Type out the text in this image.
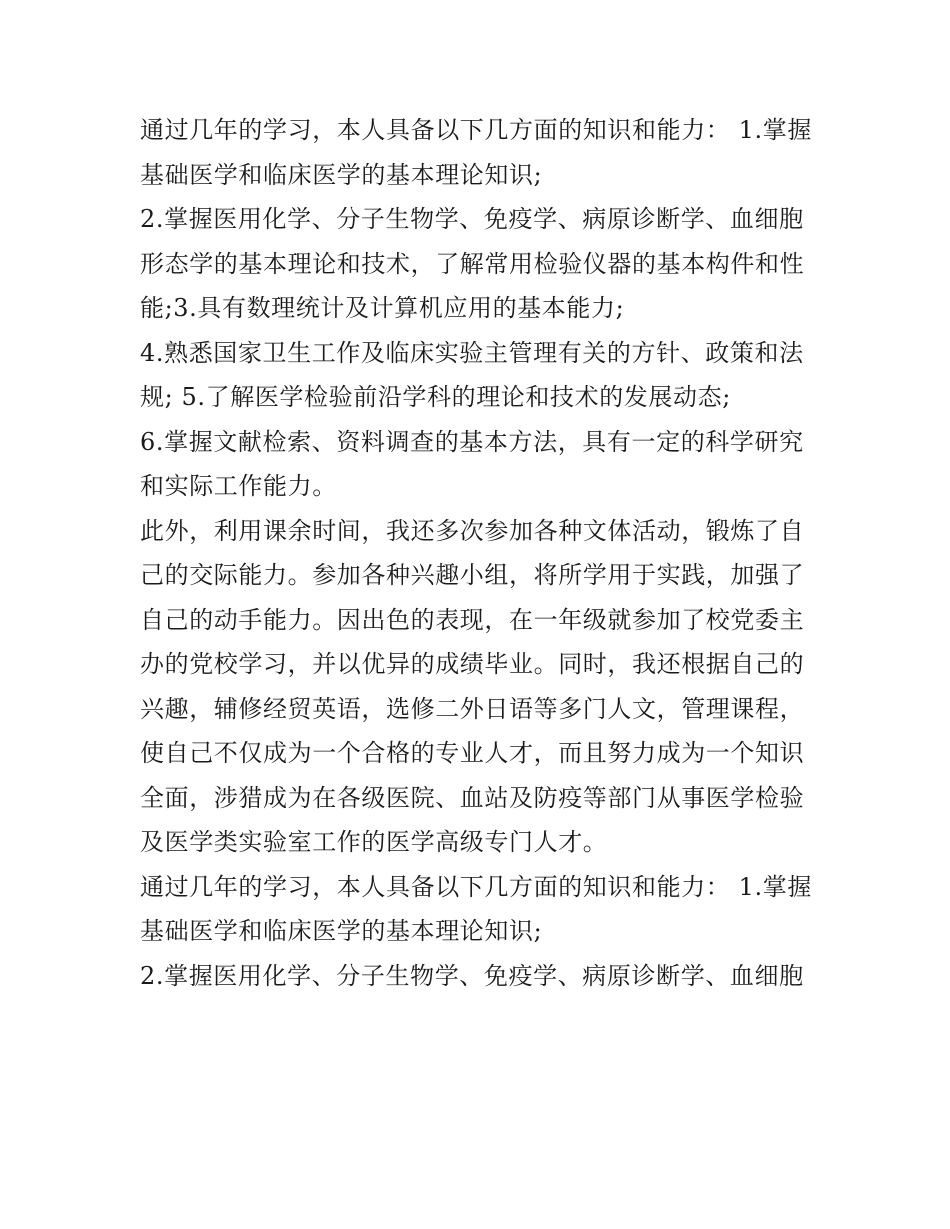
通过几年的学习，本人具备以下几方面的知识和能力： 1.掌握基础医学和临床医学的基本理论知识;

2.掌握医用化学、分子生物学、免疫学、病原诊断学、血细胞形态学的基本理论和技术，了解常用检验仪器的基本构件和性能;3.具有数理统计及计算机应用的基本能力;

4.熟悉国家卫生工作及临床实验主管理有关的方针、政策和法规; 5.了解医学检验前沿学科的理论和技术的发展动态;

6.掌握文献检索、资料调查的基本方法，具有一定的科学研究和实际工作能力。

此外，利用课余时间，我还多次参加各种文体活动，锻炼了自己的交际能力。参加各种兴趣小组，将所学用于实践，加强了自己的动手能力。因出色的表现，在一年级就参加了校党委主办的党校学习，并以优异的成绩毕业。同时，我还根据自己的兴趣，辅修经贸英语，选修二外日语等多门人文，管理课程，使自己不仅成为一个合格的专业人才，而且努力成为一个知识全面，涉猎成为在各级医院、血站及防疫等部门从事医学检验及医学类实验室工作的医学高级专门人才。

通过几年的学习，本人具备以下几方面的知识和能力： 1.掌握基础医学和临床医学的基本理论知识;

2.掌握医用化学、分子生物学、免疫学、病原诊断学、血细胞
